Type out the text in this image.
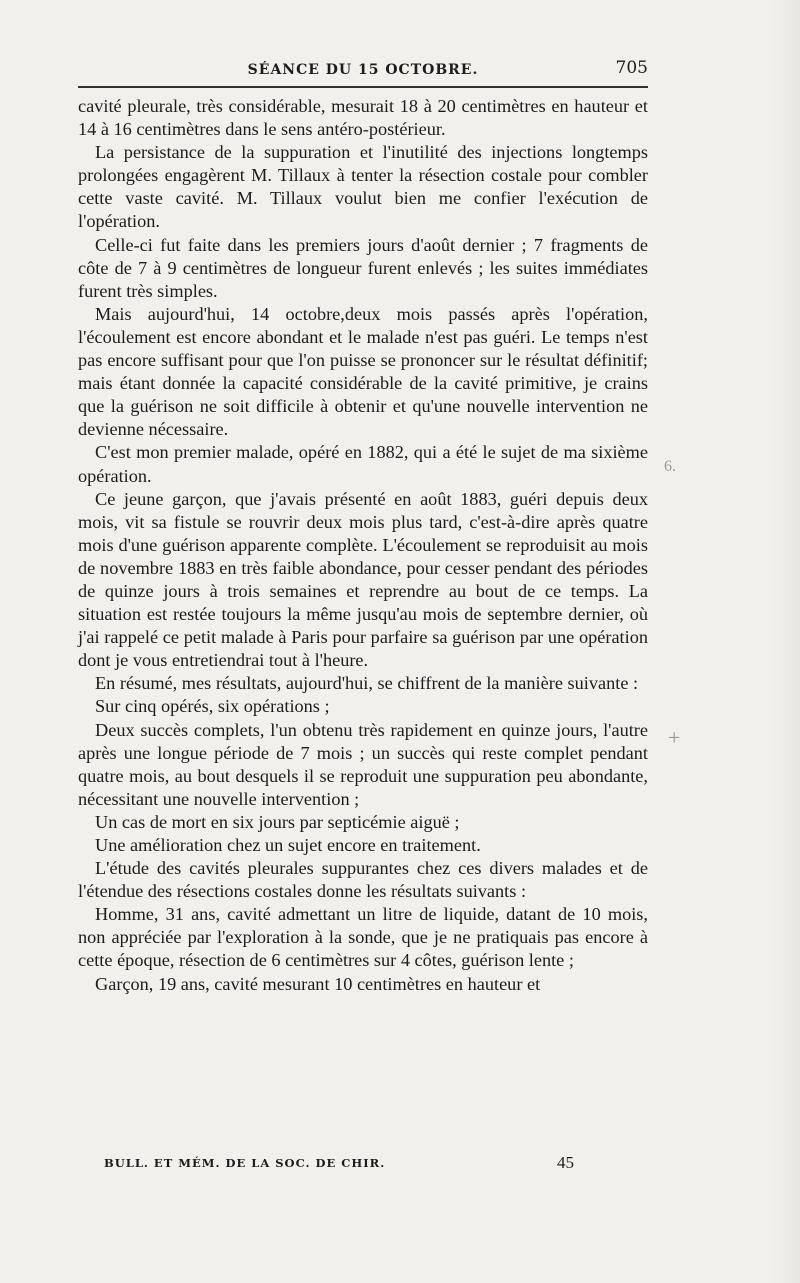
SÉANCE DU 15 OCTOBRE.	705

cavité pleurale, très considérable, mesurait 18 à 20 centimètres en hauteur et 14 à 16 centimètres dans le sens antéro-postérieur.

La persistance de la suppuration et l'inutilité des injections longtemps prolongées engagèrent M. Tillaux à tenter la résection costale pour combler cette vaste cavité. M. Tillaux voulut bien me confier l'exécution de l'opération.

Celle-ci fut faite dans les premiers jours d'août dernier ; 7 fragments de côte de 7 à 9 centimètres de longueur furent enlevés ; les suites immédiates furent très simples.

Mais aujourd'hui, 14 octobre,deux mois passés après l'opération, l'écoulement est encore abondant et le malade n'est pas guéri. Le temps n'est pas encore suffisant pour que l'on puisse se prononcer sur le résultat définitif; mais étant donnée la capacité considérable de la cavité primitive, je crains que la guérison ne soit difficile à obtenir et qu'une nouvelle intervention ne devienne nécessaire.

C'est mon premier malade, opéré en 1882, qui a été le sujet de ma sixième opération.

Ce jeune garçon, que j'avais présenté en août 1883, guéri depuis deux mois, vit sa fistule se rouvrir deux mois plus tard, c'est-à-dire après quatre mois d'une guérison apparente complète. L'écoulement se reproduisit au mois de novembre 1883 en très faible abondance, pour cesser pendant des périodes de quinze jours à trois semaines et reprendre au bout de ce temps. La situation est restée toujours la même jusqu'au mois de septembre dernier, où j'ai rappelé ce petit malade à Paris pour parfaire sa guérison par une opération dont je vous entretiendrai tout à l'heure.

En résumé, mes résultats, aujourd'hui, se chiffrent de la manière suivante :

Sur cinq opérés, six opérations ;

Deux succès complets, l'un obtenu très rapidement en quinze jours, l'autre après une longue période de 7 mois ; un succès qui reste complet pendant quatre mois, au bout desquels il se reproduit une suppuration peu abondante, nécessitant une nouvelle intervention ;

Un cas de mort en six jours par septicémie aiguë ;

Une amélioration chez un sujet encore en traitement.

L'étude des cavités pleurales suppurantes chez ces divers malades et de l'étendue des résections costales donne les résultats suivants :

Homme, 31 ans, cavité admettant un litre de liquide, datant de 10 mois, non appréciée par l'exploration à la sonde, que je ne pratiquais pas encore à cette époque, résection de 6 centimètres sur 4 côtes, guérison lente ;

Garçon, 19 ans, cavité mesurant 10 centimètres en hauteur et

6.
+
BULL. ET MÉM. DE LA SOC. DE CHIR.	45
